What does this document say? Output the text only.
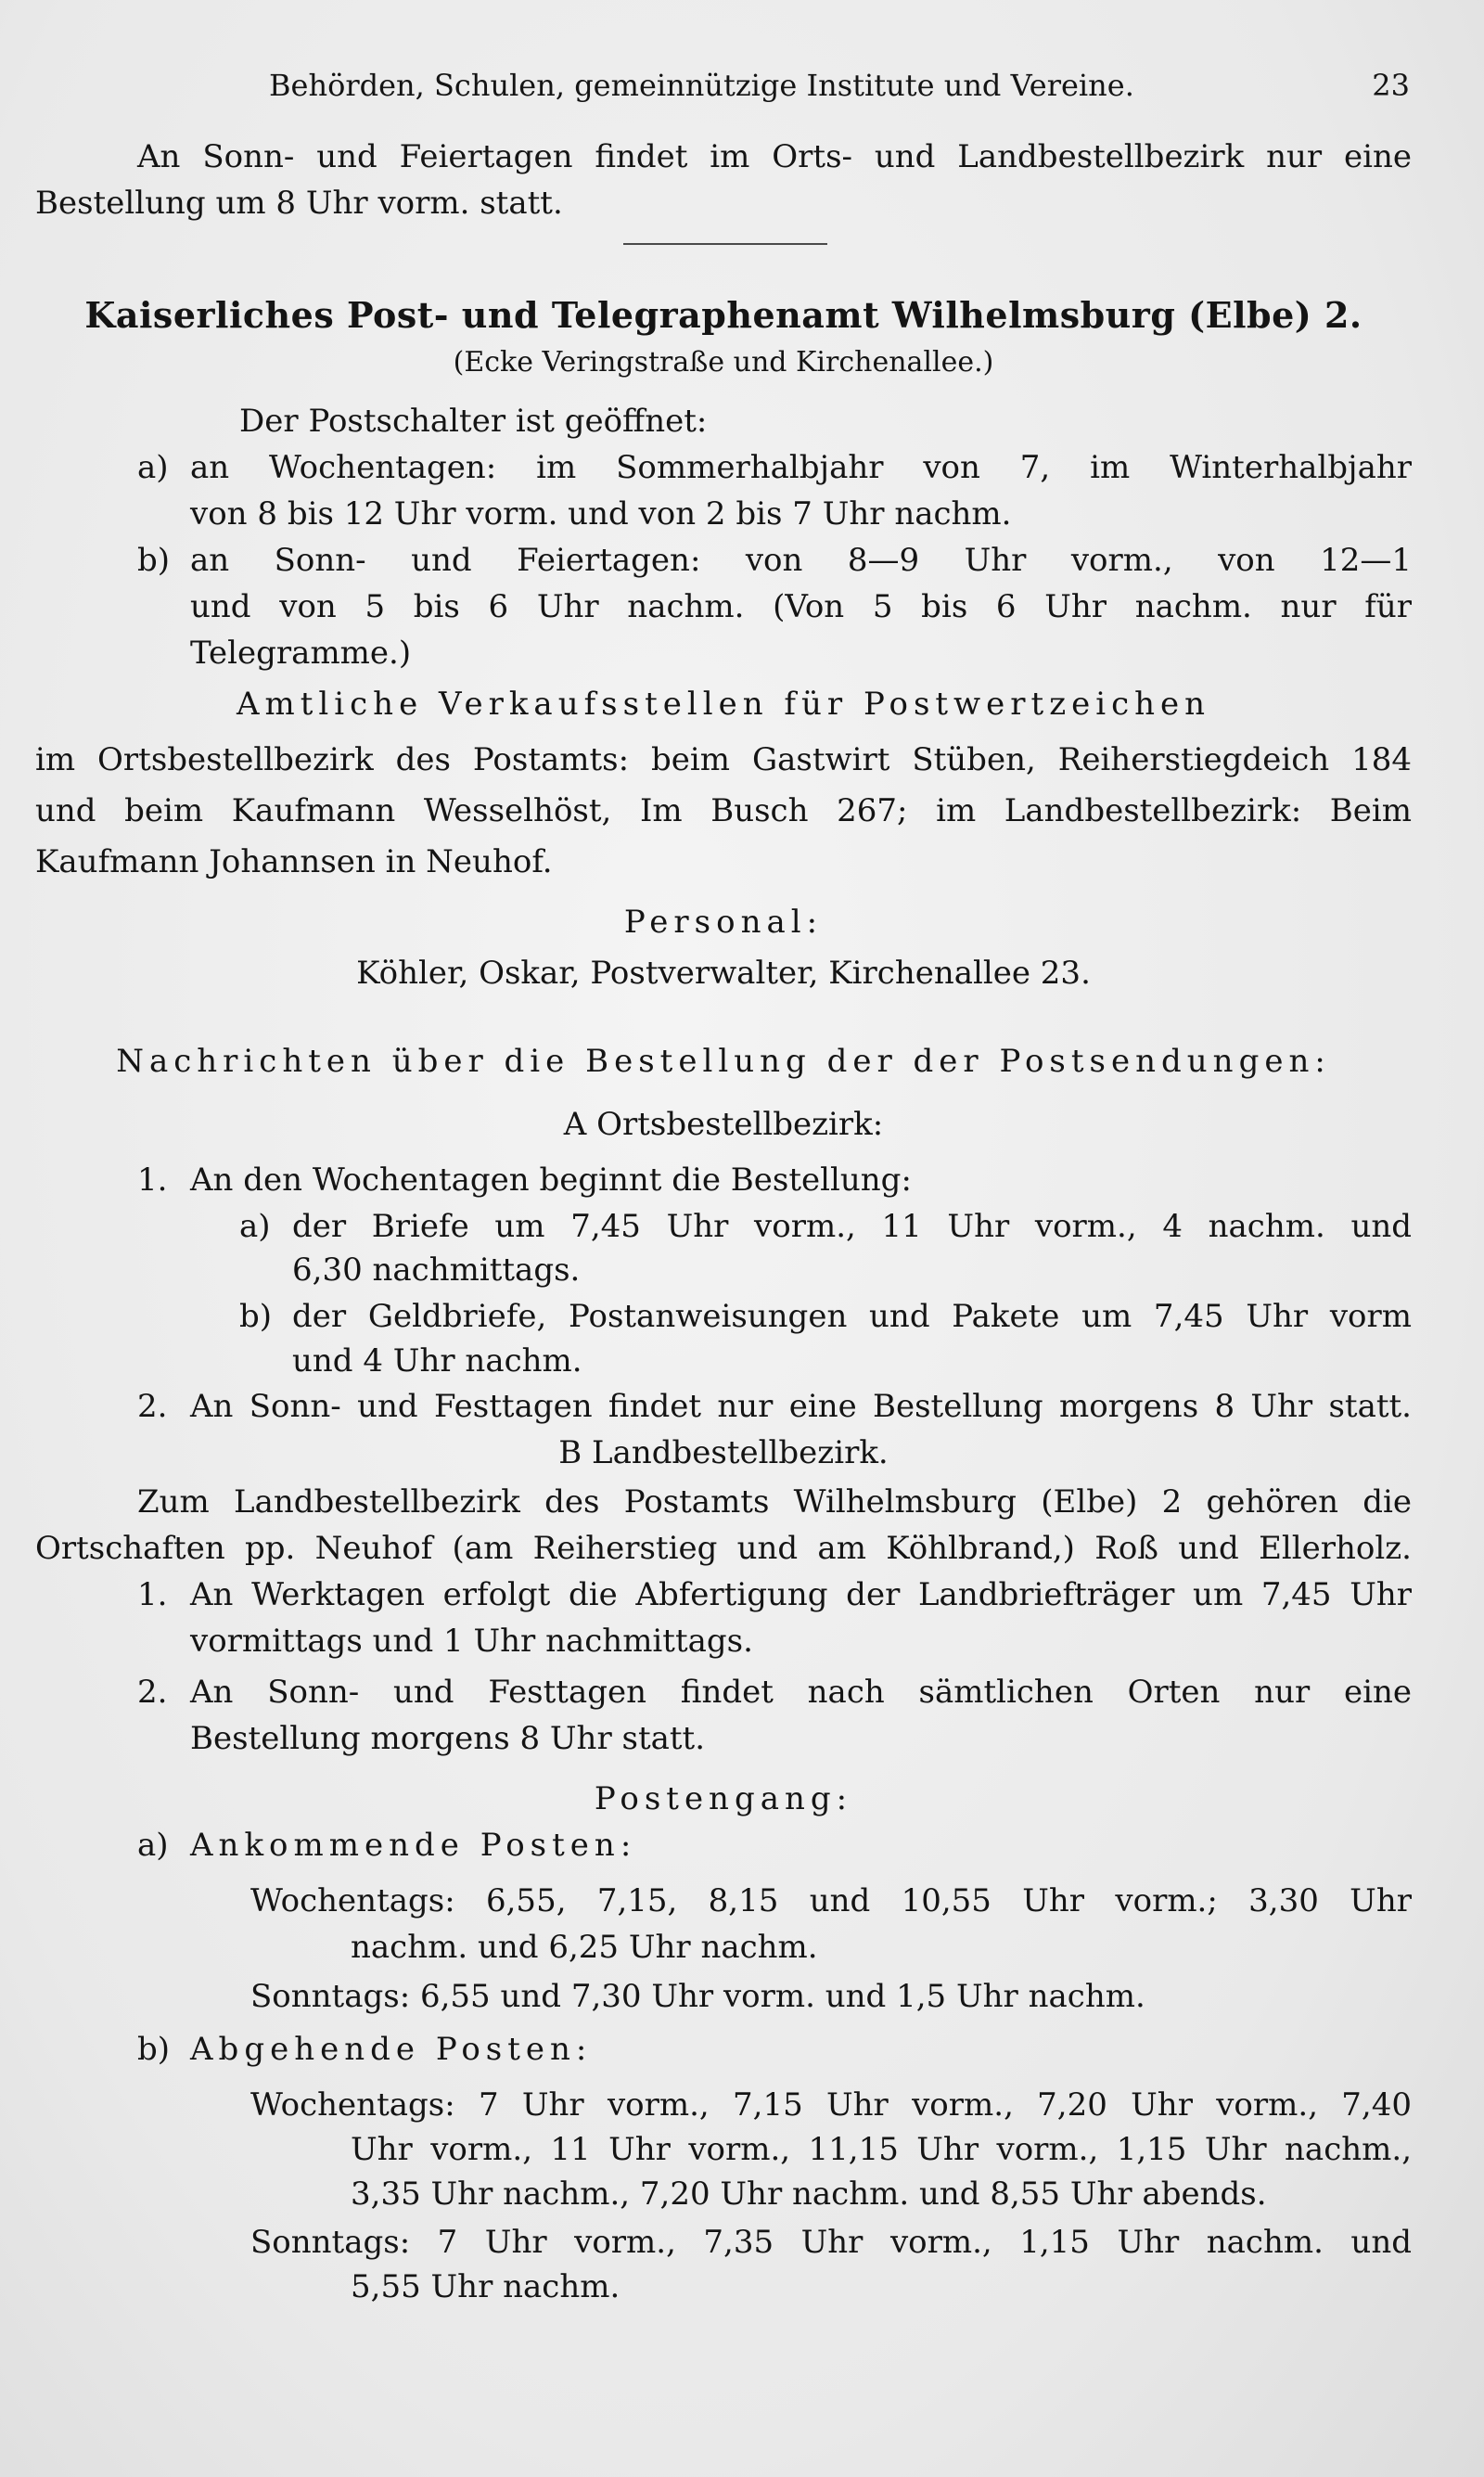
Behörden, Schulen, gemeinnützige Institute und Vereine.	23
An Sonn- und Feiertagen findet im Orts- und Landbestellbezirk nur eine
Bestellung um 8 Uhr vorm. statt.
Kaiserliches Post- und Telegraphenamt Wilhelmsburg (Elbe) 2.
(Ecke Veringstraße und Kirchenallee.)
Der Postschalter ist geöffnet:
a) an Wochentagen: im Sommerhalbjahr von 7, im Winterhalbjahr
von 8 bis 12 Uhr vorm. und von 2 bis 7 Uhr nachm.
b) an Sonn- und Feiertagen: von 8—9 Uhr vorm., von 12—1
und von 5 bis 6 Uhr nachm. (Von 5 bis 6 Uhr nachm. nur für
Telegramme.)
Amtliche Verkaufsstellen für Postwertzeichen
im Ortsbestellbezirk des Postamts: beim Gastwirt Stüben, Reiherstiegdeich 184
und beim Kaufmann Wesselhöst, Im Busch 267; im Landbestellbezirk: Beim
Kaufmann Johannsen in Neuhof.
Personal:
Köhler, Oskar, Postverwalter, Kirchenallee 23.
Nachrichten über die Bestellung der der Postsendungen:
A Ortsbestellbezirk:
1. An den Wochentagen beginnt die Bestellung:
a) der Briefe um 7,45 Uhr vorm., 11 Uhr vorm., 4 nachm. und
6,30 nachmittags.
b) der Geldbriefe, Postanweisungen und Pakete um 7,45 Uhr vorm
und 4 Uhr nachm.
2. An Sonn- und Festtagen findet nur eine Bestellung morgens 8 Uhr statt.
B Landbestellbezirk.
Zum Landbestellbezirk des Postamts Wilhelmsburg (Elbe) 2 gehören die
Ortschaften pp. Neuhof (am Reiherstieg und am Köhlbrand,) Roß und Ellerholz.
1. An Werktagen erfolgt die Abfertigung der Landbriefträger um 7,45 Uhr
vormittags und 1 Uhr nachmittags.
2. An Sonn- und Festtagen findet nach sämtlichen Orten nur eine
Bestellung morgens 8 Uhr statt.
Postengang:
a) Ankommende Posten:
Wochentags: 6,55, 7,15, 8,15 und 10,55 Uhr vorm.; 3,30 Uhr
nachm. und 6,25 Uhr nachm.
Sonntags: 6,55 und 7,30 Uhr vorm. und 1,5 Uhr nachm.
b) Abgehende Posten:
Wochentags: 7 Uhr vorm., 7,15 Uhr vorm., 7,20 Uhr vorm., 7,40
Uhr vorm., 11 Uhr vorm., 11,15 Uhr vorm., 1,15 Uhr nachm.,
3,35 Uhr nachm., 7,20 Uhr nachm. und 8,55 Uhr abends.
Sonntags: 7 Uhr vorm., 7,35 Uhr vorm., 1,15 Uhr nachm. und
5,55 Uhr nachm.
